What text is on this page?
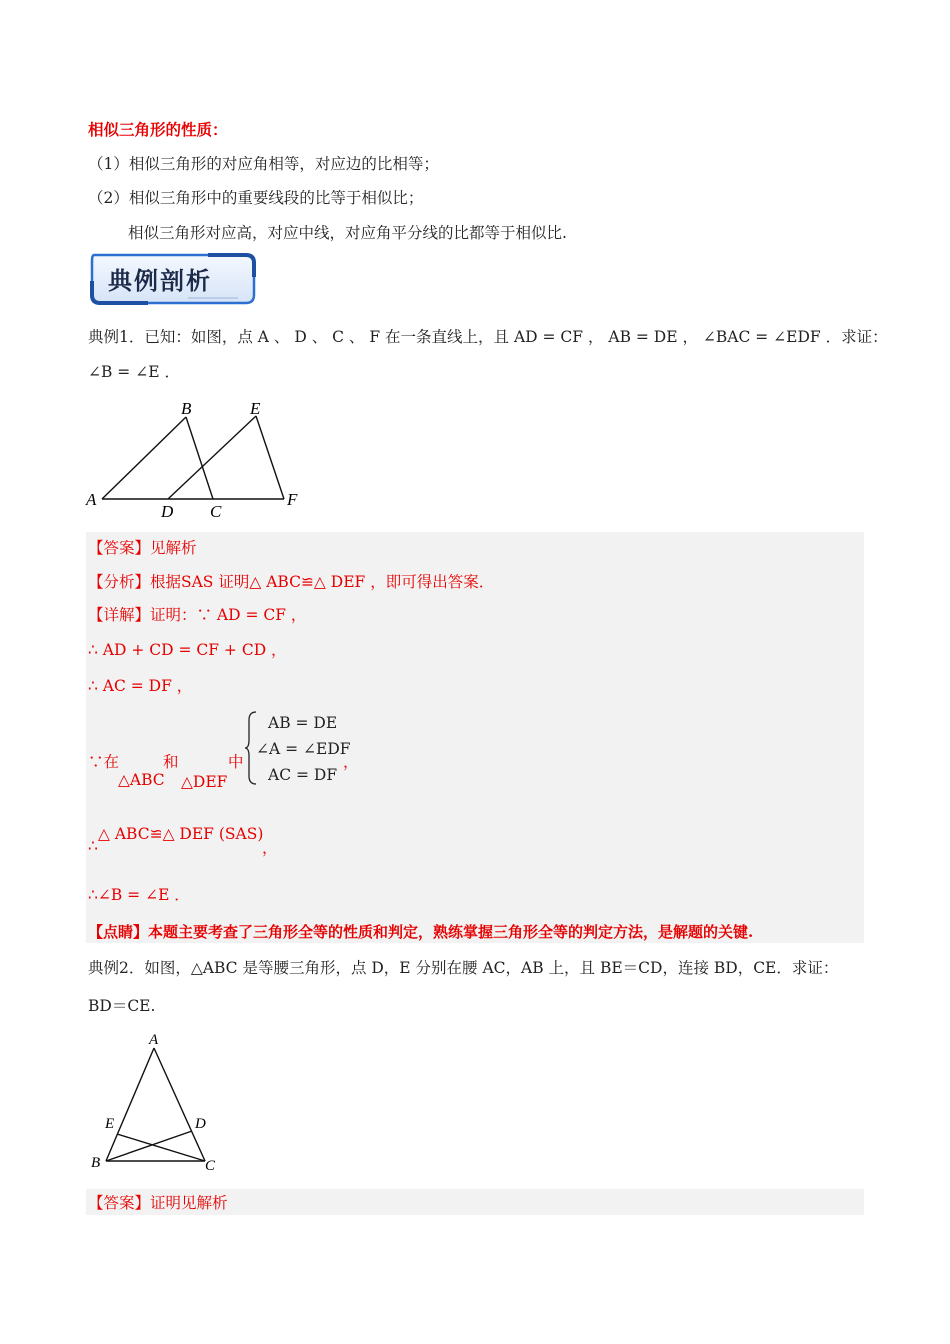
相似三角形的性质：
（1）相似三角形的对应角相等，对应边的比相等；
（2）相似三角形中的重要线段的比等于相似比；
相似三角形对应高，对应中线，对应角平分线的比都等于相似比.
典例剖析
典例1．已知：如图，点 A 、 D 、 C 、 F 在一条直线上，且 AD = CF ， AB = DE ， ∠BAC = ∠EDF ．求证：
∠B = ∠E ．
A
B	E
F
D C
【答案】见解析
【分析】根据SAS 证明△ ABC≌△ DEF ，即可得出答案．
【详解】证明：∵ AD = CF ，
∴ AD + CD = CF + CD ，
∴ AC = DF ，
∵在
△ABC
和
△DEF
中
AB = DE
∠A = ∠EDF
AC = DF
，
∴
△ ABC≌△ DEF (SAS)
，
∴∠B = ∠E ．
【点睛】本题主要考查了三角形全等的性质和判定，熟练掌握三角形全等的判定方法，是解题的关键.
典例2．如图，△ABC 是等腰三角形，点 D，E 分别在腰 AC，AB 上，且 BE＝CD，连接 BD，CE．求证：
BD＝CE.
A
E	D
B	C
【答案】证明见解析
